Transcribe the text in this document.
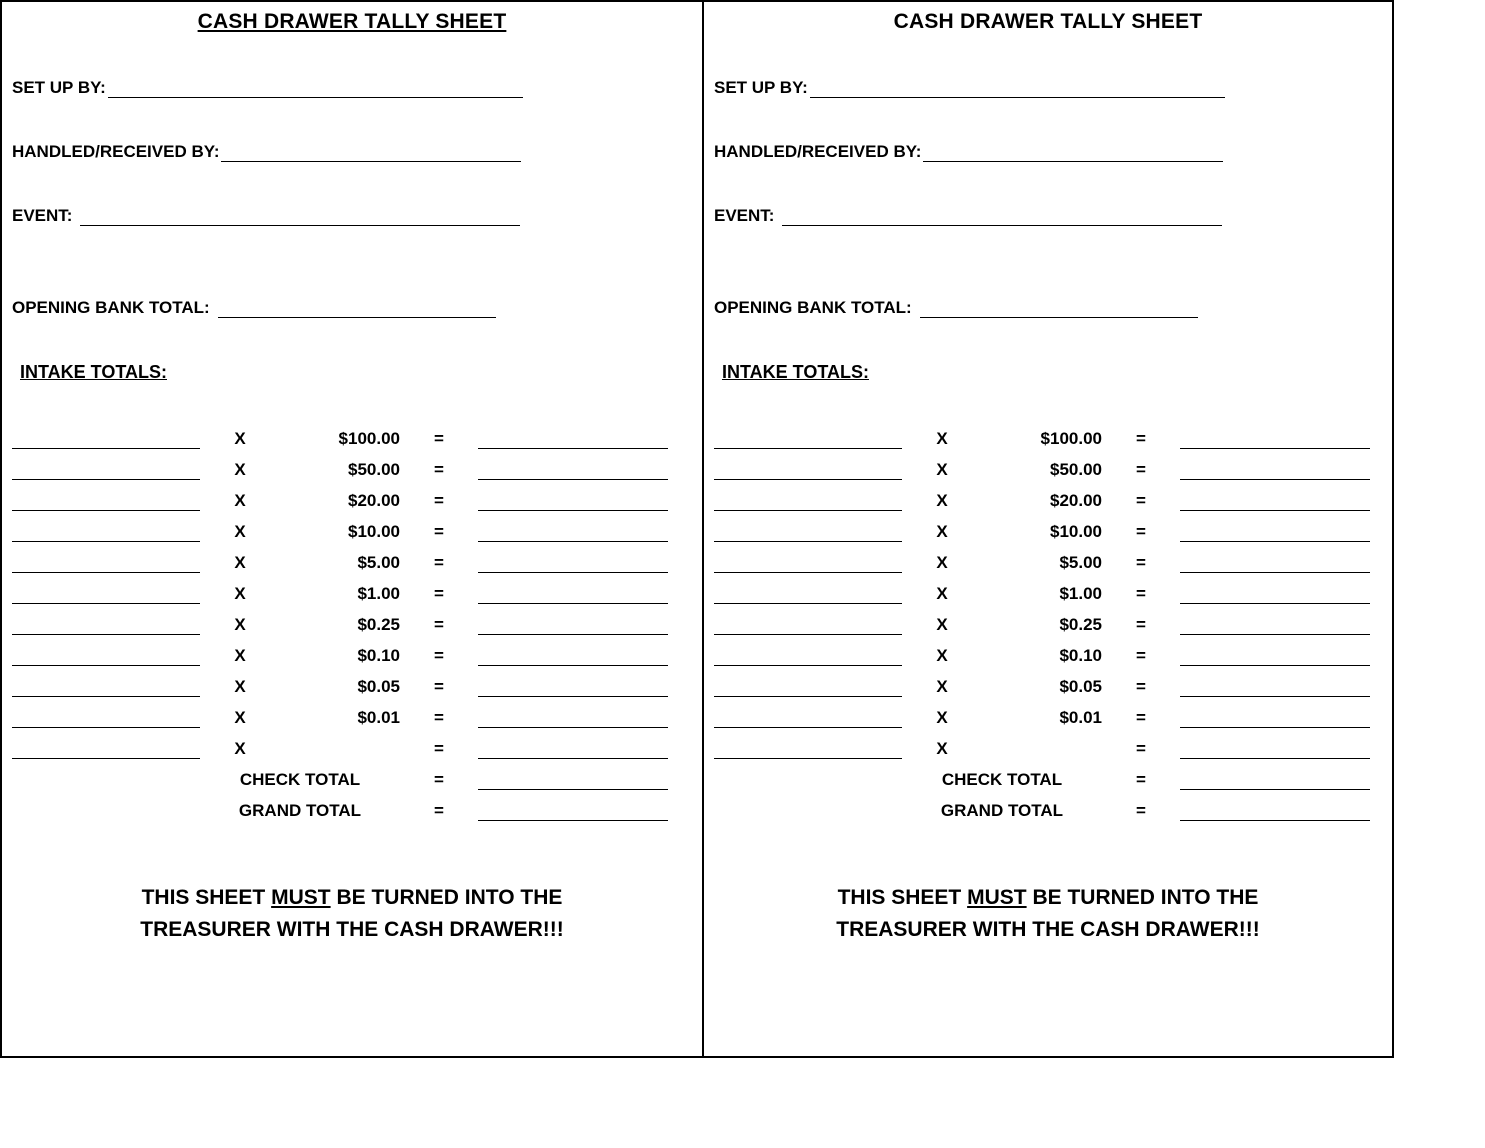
CASH DRAWER TALLY SHEET
SET UP BY:
HANDLED/RECEIVED BY:
EVENT:
OPENING BANK TOTAL:
INTAKE TOTALS:
X	$100.00	=
X	$50.00	=
X	$20.00	=
X	$10.00	=
X	$5.00	=
X	$1.00	=
X	$0.25	=
X	$0.10	=
X	$0.05	=
X	$0.01	=
X	=
CHECK TOTAL	=
GRAND TOTAL	=
THIS SHEET MUST BE TURNED INTO THE
TREASURER WITH THE CASH DRAWER!!!
CASH DRAWER TALLY SHEET
SET UP BY:
HANDLED/RECEIVED BY:
EVENT:
OPENING BANK TOTAL:
INTAKE TOTALS:
X	$100.00	=
X	$50.00	=
X	$20.00	=
X	$10.00	=
X	$5.00	=
X	$1.00	=
X	$0.25	=
X	$0.10	=
X	$0.05	=
X	$0.01	=
X	=
CHECK TOTAL	=
GRAND TOTAL	=
THIS SHEET MUST BE TURNED INTO THE
TREASURER WITH THE CASH DRAWER!!!
